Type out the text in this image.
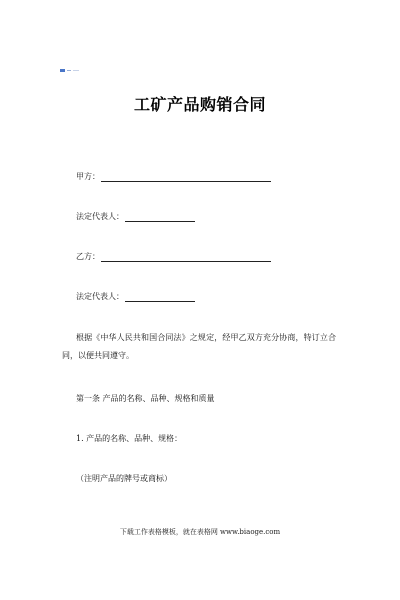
工矿产品购销合同
甲方：
法定代表人：
乙方：
法定代表人：
根据《中华人民共和国合同法》之规定，经甲乙双方充分协商，特订立合同，以便共同遵守。
第一条 产品的名称、品种、规格和质量
1. 产品的名称、品种、规格：
（注明产品的牌号或商标）
下载工作表格模板，就在表格网 www.biaoge.com
